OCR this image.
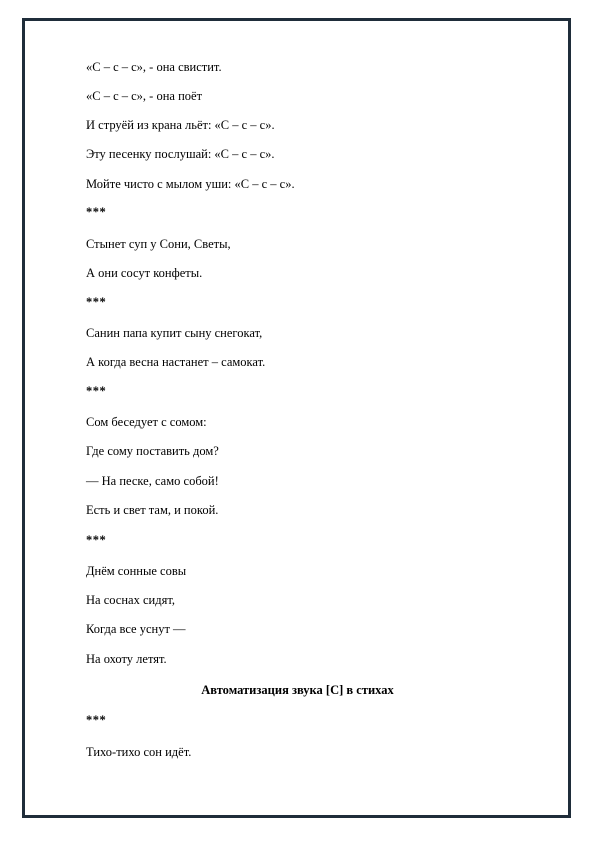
«С – с – с», - она свистит.

«С – с – с», - она поёт

И струёй из крана льёт: «С – с – с».

Эту песенку послушай: «С – с – с».

Мойте чисто с мылом уши: «С – с – с».

***

Стынет суп у Сони, Светы,

А они сосут конфеты.

***

Санин папа купит сыну снегокат,

А когда весна настанет – самокат.

***

Сом беседует с сомом:

Где сому поставить дом?

— На песке, само собой!

Есть и свет там, и покой.

***

Днём сонные совы

На соснах сидят,

Когда все уснут —

На охоту летят.

Автоматизация звука [С] в стихах

***

Тихо-тихо сон идёт.
